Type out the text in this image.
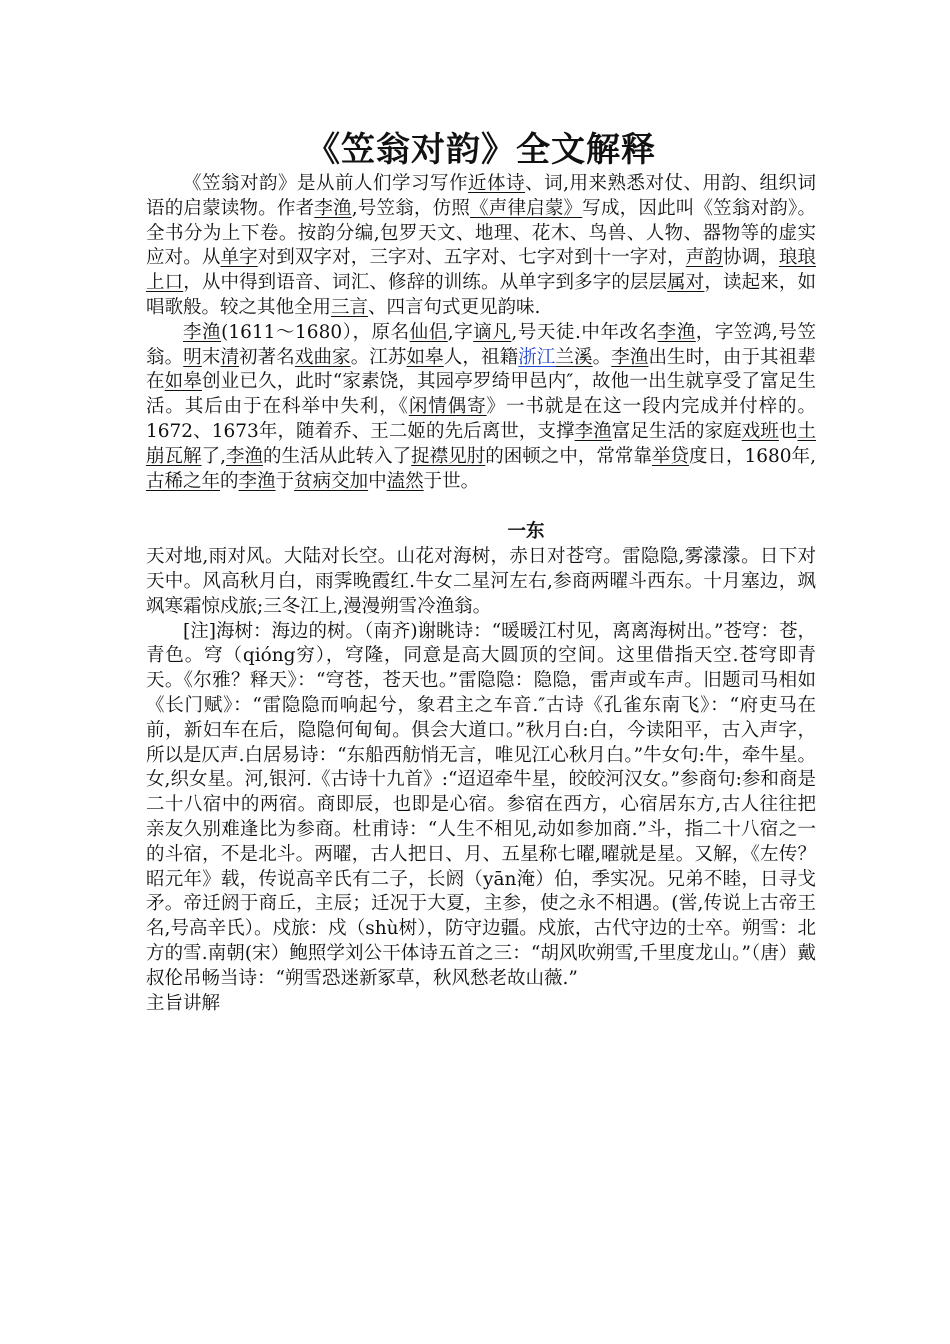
《笠翁对韵》全文解释

《笠翁对韵》是从前人们学习写作近体诗、词,用来熟悉对仗、用韵、组织词语的启蒙读物。作者李渔,号笠翁，仿照《声律启蒙》写成，因此叫《笠翁对韵》。全书分为上下卷。按韵分编,包罗天文、地理、花木、鸟兽、人物、器物等的虚实应对。从单字对到双字对，三字对、五字对、七字对到十一字对，声韵协调，琅琅上口，从中得到语音、词汇、修辞的训练。从单字到多字的层层属对，读起来，如唱歌般。较之其他全用三言、四言句式更见韵味.

李渔(1611～1680），原名仙侣,字谪凡,号天徒.中年改名李渔，字笠鸿,号笠翁。明末清初著名戏曲家。江苏如皋人，祖籍浙江兰溪。李渔出生时，由于其祖辈在如皋创业已久，此时“家素饶，其园亭罗绮甲邑内″，故他一出生就享受了富足生活。其后由于在科举中失利，《闲情偶寄》一书就是在这一段内完成并付梓的。1672、1673年，随着乔、王二姬的先后离世，支撑李渔富足生活的家庭戏班也土崩瓦解了,李渔的生活从此转入了捉襟见肘的困顿之中，常常靠举贷度日，1680年,古稀之年的李渔于贫病交加中溘然于世。

一东

天对地,雨对风。大陆对长空。山花对海树，赤日对苍穹。雷隐隐,雾濛濛。日下对天中。风高秋月白，雨霁晚霞红.牛女二星河左右,参商两曜斗西东。十月塞边，飒飒寒霜惊戍旅;三冬江上,漫漫朔雪冷渔翁。

[注]海树：海边的树。（南齐)谢眺诗：“暖暖江村见，离离海树出。”苍穹：苍，青色。穹（qióng穷），穹隆，同意是高大圆顶的空间。这里借指天空.苍穹即青天。《尔雅？释天》：“穹苍，苍天也。”雷隐隐：隐隐，雷声或车声。旧题司马相如《长门赋》：“雷隐隐而响起兮，象君主之车音.″古诗《孔雀东南飞》：“府吏马在前，新妇车在后，隐隐何甸甸。俱会大道口。”秋月白:白，今读阳平，古入声字，所以是仄声.白居易诗：“东船西舫悄无言，唯见江心秋月白。”牛女句:牛，牵牛星。女,织女星。河,银河.《古诗十九首》:“迢迢牵牛星，皎皎河汉女。”参商句:参和商是二十八宿中的两宿。商即辰，也即是心宿。参宿在西方，心宿居东方,古人往往把亲友久别难逢比为参商。杜甫诗：“人生不相见,动如参加商.”斗，指二十八宿之一的斗宿，不是北斗。两曜，古人把日、月、五星称七曜,曜就是星。又解，《左传？昭元年》载，传说高辛氏有二子，长阏（yān淹）伯，季实况。兄弟不睦，日寻戈矛。帝迁阏于商丘，主辰；迁况于大夏，主参，使之永不相遇。(喾,传说上古帝王名,号高辛氏）。戍旅：戍（shù树），防守边疆。戍旅，古代守边的士卒。朔雪：北方的雪.南朝(宋）鲍照学刘公干体诗五首之三：“胡风吹朔雪,千里度龙山。”（唐）戴叔伦吊畅当诗：“朔雪恐迷新冢草，秋风愁老故山薇.”

主旨讲解
